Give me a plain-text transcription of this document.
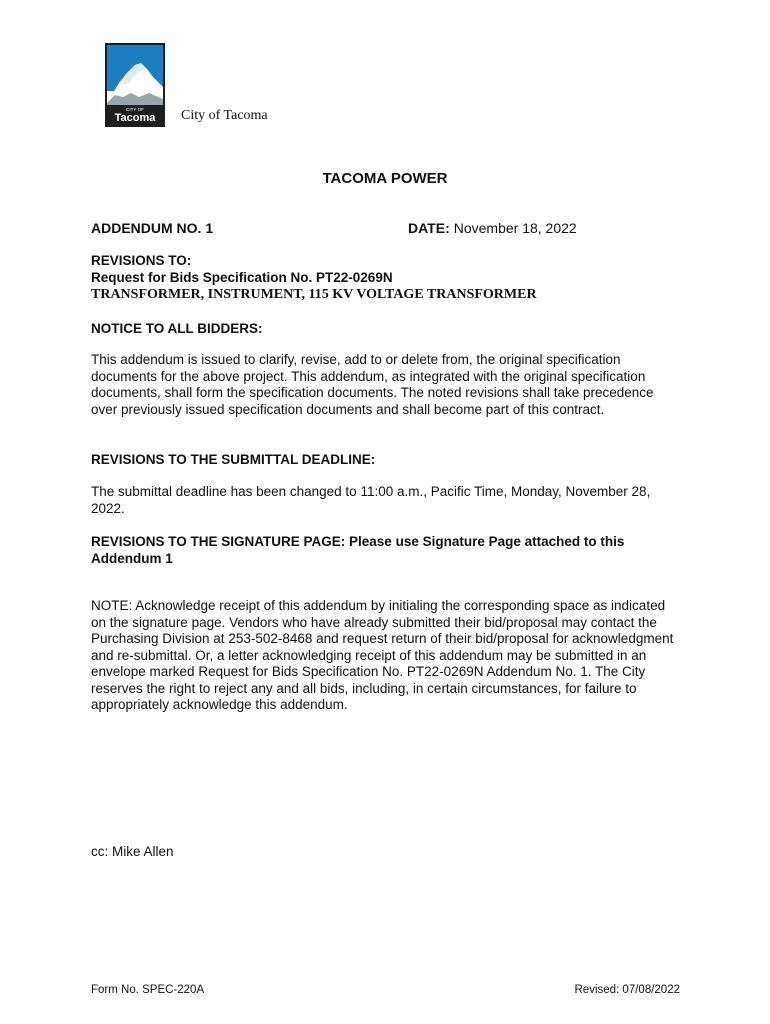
CITY OF
Tacoma City of Tacoma
TACOMA POWER
ADDENDUM NO. 1	DATE: November 18, 2022
REVISIONS TO:
Request for Bids Specification No. PT22-0269N
TRANSFORMER, INSTRUMENT, 115 KV VOLTAGE TRANSFORMER
NOTICE TO ALL BIDDERS:
This addendum is issued to clarify, revise, add to or delete from, the original specification documents for the above project. This addendum, as integrated with the original specification documents, shall form the specification documents. The noted revisions shall take precedence over previously issued specification documents and shall become part of this contract.
REVISIONS TO THE SUBMITTAL DEADLINE:
The submittal deadline has been changed to 11:00 a.m., Pacific Time, Monday, November 28, 2022.
REVISIONS TO THE SIGNATURE PAGE: Please use Signature Page attached to this Addendum 1
NOTE: Acknowledge receipt of this addendum by initialing the corresponding space as indicated on the signature page. Vendors who have already submitted their bid/proposal may contact the Purchasing Division at 253-502-8468 and request return of their bid/proposal for acknowledgment and re-submittal. Or, a letter acknowledging receipt of this addendum may be submitted in an envelope marked Request for Bids Specification No. PT22-0269N Addendum No. 1. The City reserves the right to reject any and all bids, including, in certain circumstances, for failure to appropriately acknowledge this addendum.
cc: Mike Allen
Form No. SPEC-220A	Revised: 07/08/2022
